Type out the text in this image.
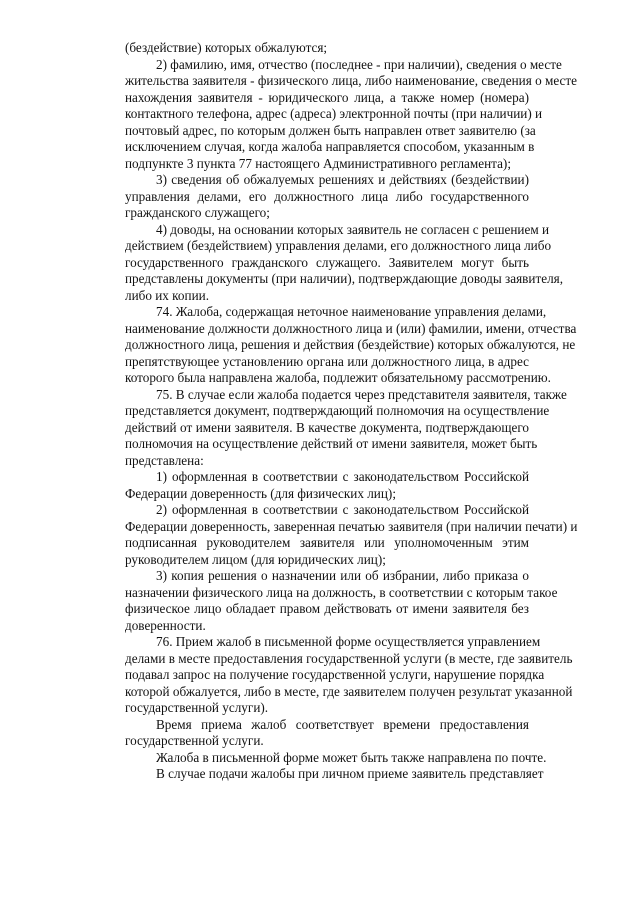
(бездействие) которых обжалуются;
2) фамилию, имя, отчество (последнее - при наличии), сведения о месте
жительства заявителя - физического лица, либо наименование, сведения о месте
нахождения заявителя - юридического лица, а также номер (номера)
контактного телефона, адрес (адреса) электронной почты (при наличии) и
почтовый адрес, по которым должен быть направлен ответ заявителю (за
исключением случая, когда жалоба направляется способом, указанным в
подпункте 3 пункта 77 настоящего Административного регламента);
3) сведения об обжалуемых решениях и действиях (бездействии)
управления делами, его должностного лица либо государственного
гражданского служащего;
4) доводы, на основании которых заявитель не согласен с решением и
действием (бездействием) управления делами, его должностного лица либо
государственного гражданского служащего. Заявителем могут быть
представлены документы (при наличии), подтверждающие доводы заявителя,
либо их копии.
74. Жалоба, содержащая неточное наименование управления делами,
наименование должности должностного лица и (или) фамилии, имени, отчества
должностного лица, решения и действия (бездействие) которых обжалуются, не
препятствующее установлению органа или должностного лица, в адрес
которого была направлена жалоба, подлежит обязательному рассмотрению.
75. В случае если жалоба подается через представителя заявителя, также
представляется документ, подтверждающий полномочия на осуществление
действий от имени заявителя. В качестве документа, подтверждающего
полномочия на осуществление действий от имени заявителя, может быть
представлена:
1) оформленная в соответствии с законодательством Российской
Федерации доверенность (для физических лиц);
2) оформленная в соответствии с законодательством Российской
Федерации доверенность, заверенная печатью заявителя (при наличии печати) и
подписанная руководителем заявителя или уполномоченным этим
руководителем лицом (для юридических лиц);
3) копия решения о назначении или об избрании, либо приказа о
назначении физического лица на должность, в соответствии с которым такое
физическое лицо обладает правом действовать от имени заявителя без
доверенности.
76. Прием жалоб в письменной форме осуществляется управлением
делами в месте предоставления государственной услуги (в месте, где заявитель
подавал запрос на получение государственной услуги, нарушение порядка
которой обжалуется, либо в месте, где заявителем получен результат указанной
государственной услуги).
Время приема жалоб соответствует времени предоставления
государственной услуги.
Жалоба в письменной форме может быть также направлена по почте.
В случае подачи жалобы при личном приеме заявитель представляет
